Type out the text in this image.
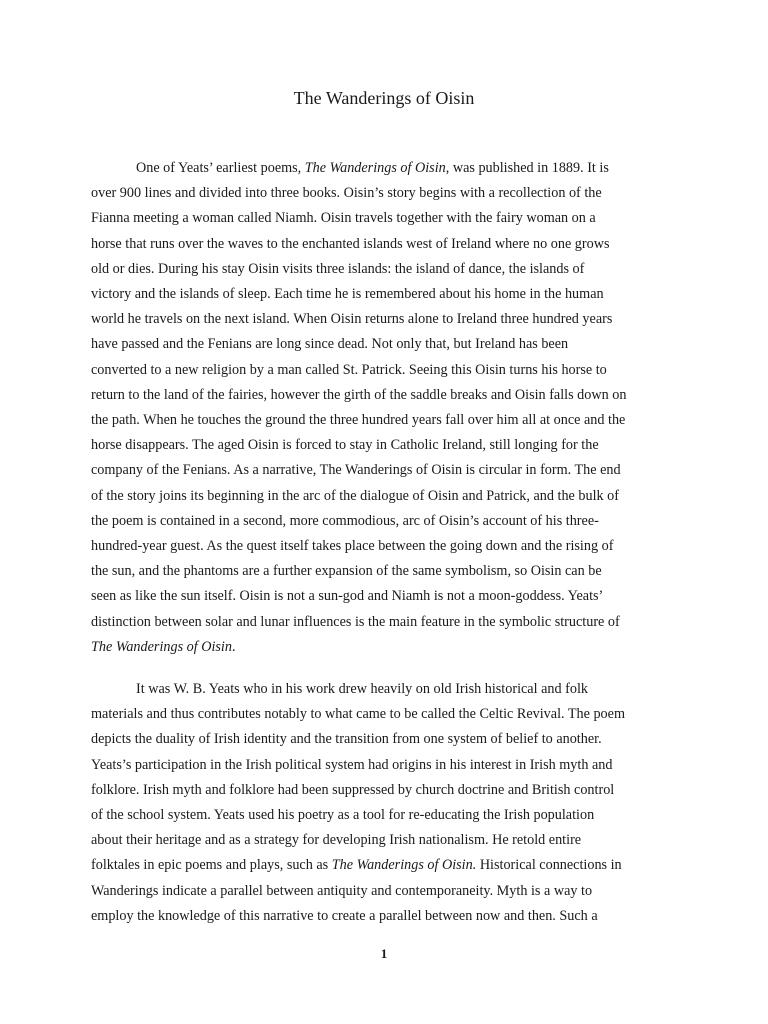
The Wanderings of Oisin
One of Yeats’ earliest poems, The Wanderings of Oisin, was published in 1889. It is
over 900 lines and divided into three books. Oisin’s story begins with a recollection of the
Fianna meeting a woman called Niamh. Oisin travels together with the fairy woman on a
horse that runs over the waves to the enchanted islands west of Ireland where no one grows
old or dies. During his stay Oisin visits three islands: the island of dance, the islands of
victory and the islands of sleep. Each time he is remembered about his home in the human
world he travels on the next island. When Oisin returns alone to Ireland three hundred years
have passed and the Fenians are long since dead. Not only that, but Ireland has been
converted to a new religion by a man called St. Patrick. Seeing this Oisin turns his horse to
return to the land of the fairies, however the girth of the saddle breaks and Oisin falls down on
the path. When he touches the ground the three hundred years fall over him all at once and the
horse disappears. The aged Oisin is forced to stay in Catholic Ireland, still longing for the
company of the Fenians. As a narrative, The Wanderings of Oisin is circular in form. The end
of the story joins its beginning in the arc of the dialogue of Oisin and Patrick, and the bulk of
the poem is contained in a second, more commodious, arc of Oisin’s account of his three-
hundred-year guest. As the quest itself takes place between the going down and the rising of
the sun, and the phantoms are a further expansion of the same symbolism, so Oisin can be
seen as like the sun itself. Oisin is not a sun-god and Niamh is not a moon-goddess. Yeats’
distinction between solar and lunar influences is the main feature in the symbolic structure of
The Wanderings of Oisin.
It was W. B. Yeats who in his work drew heavily on old Irish historical and folk
materials and thus contributes notably to what came to be called the Celtic Revival. The poem
depicts the duality of Irish identity and the transition from one system of belief to another.
Yeats’s participation in the Irish political system had origins in his interest in Irish myth and
folklore. Irish myth and folklore had been suppressed by church doctrine and British control
of the school system. Yeats used his poetry as a tool for re-educating the Irish population
about their heritage and as a strategy for developing Irish nationalism. He retold entire
folktales in epic poems and plays, such as The Wanderings of Oisin. Historical connections in
Wanderings indicate a parallel between antiquity and contemporaneity. Myth is a way to
employ the knowledge of this narrative to create a parallel between now and then. Such a
1
